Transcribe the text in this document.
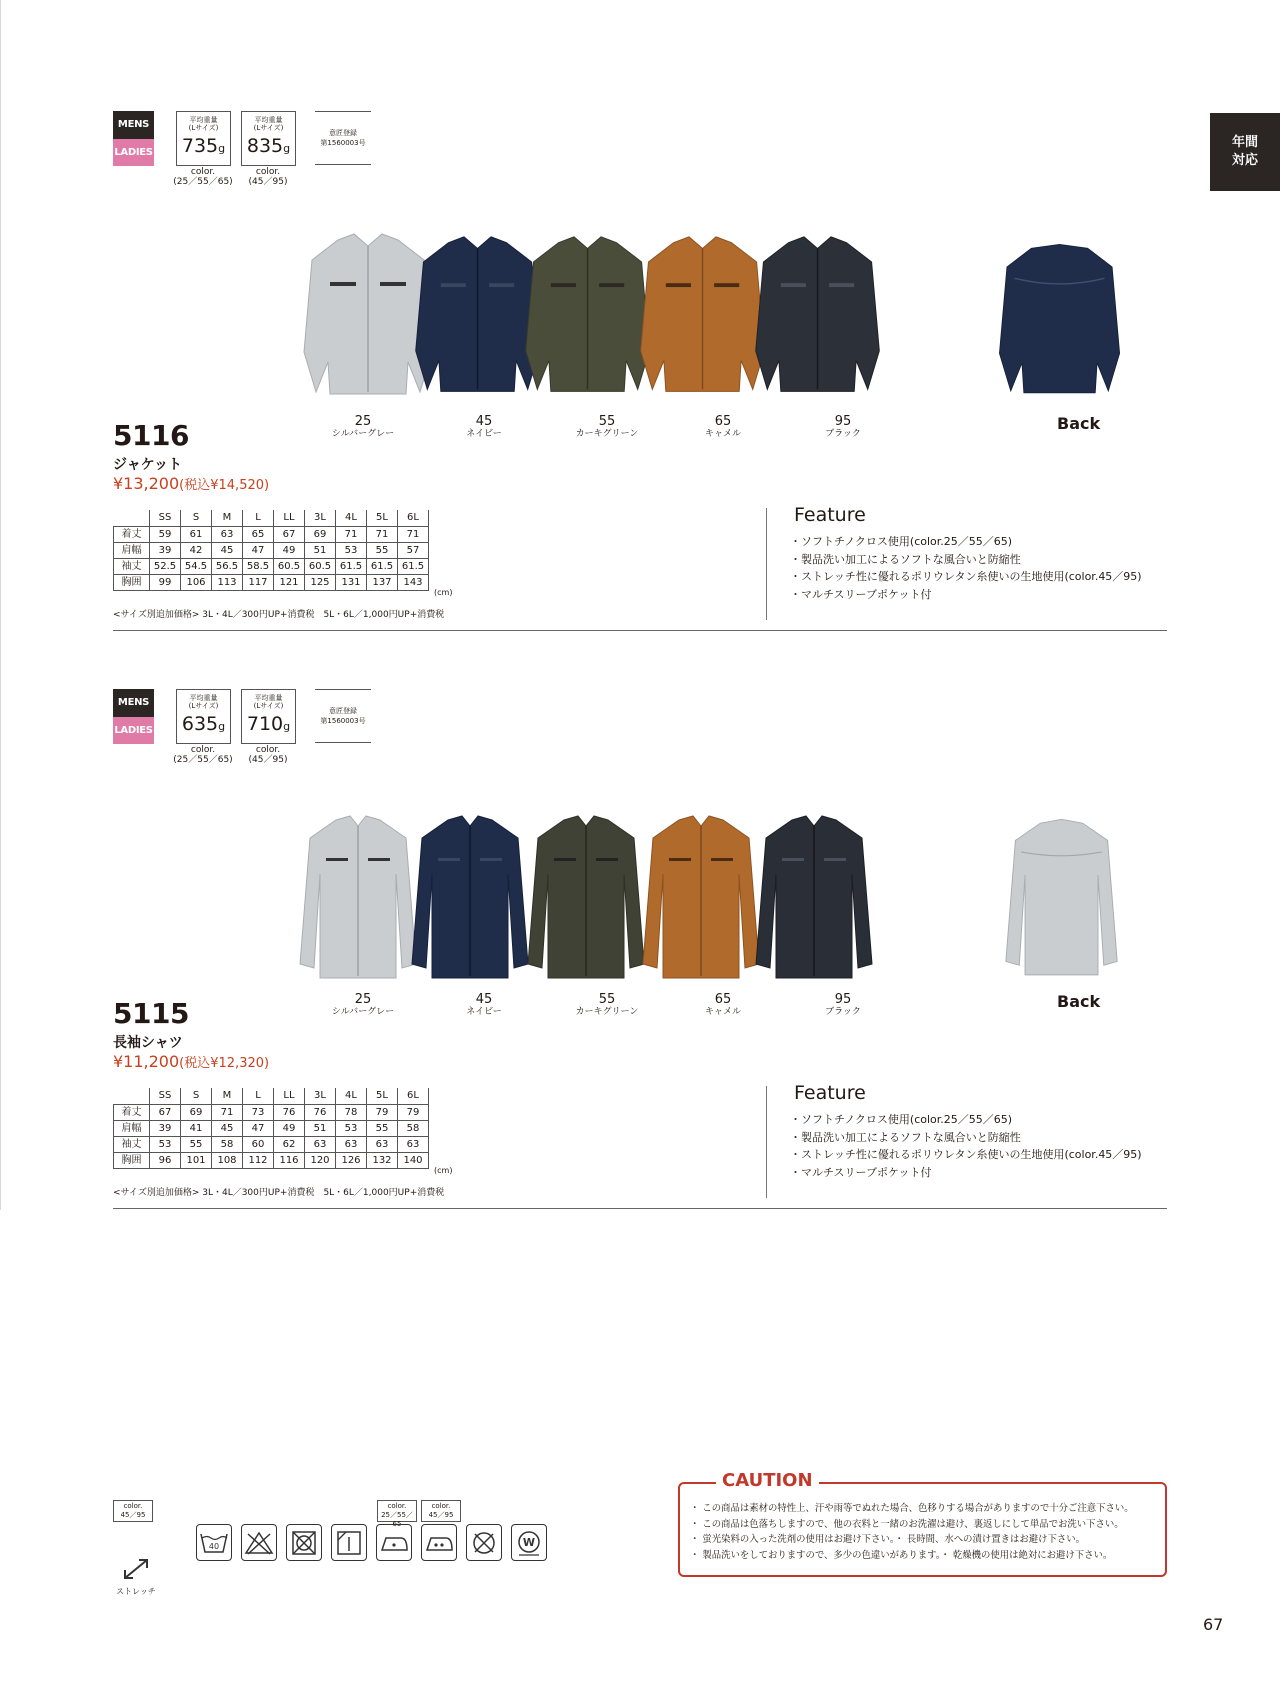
年間
対応
MENS
LADIES
平均重量
(Lサイズ)
735g
color.
(25／55／65)
平均重量
(Lサイズ)
835g
color.
(45／95)
意匠登録
第1560003号
25
シルバーグレー
45
ネイビー
55
カーキグリーン
65
キャメル
95
ブラック
Back
5116
ジャケット
¥13,200(税込¥14,520)
	SS	S	M	L	LL	3L	4L	5L	6L
着丈	59	61	63	65	67	69	71	71	71
肩幅	39	42	45	47	49	51	53	55	57
袖丈	52.5	54.5	56.5	58.5	60.5	60.5	61.5	61.5	61.5
胸囲	99	106	113	117	121	125	131	137	143
(cm)
<サイズ別追加価格> 3L・4L／300円UP+消費税　5L・6L／1,000円UP+消費税
Feature
・ソフトチノクロス使用(color.25／55／65)
・製品洗い加工によるソフトな風合いと防縮性
・ストレッチ性に優れるポリウレタン糸使いの生地使用(color.45／95)
・マルチスリーブポケット付
MENS
LADIES
平均重量
(Lサイズ)
635g
color.
(25／55／65)
平均重量
(Lサイズ)
710g
color.
(45／95)
意匠登録
第1560003号
25
シルバーグレー
45
ネイビー
55
カーキグリーン
65
キャメル
95
ブラック
Back
5115
長袖シャツ
¥11,200(税込¥12,320)
	SS	S	M	L	LL	3L	4L	5L	6L
着丈	67	69	71	73	76	76	78	79	79
肩幅	39	41	45	47	49	51	53	55	58
袖丈	53	55	58	60	62	63	63	63	63
胸囲	96	101	108	112	116	120	126	132	140
(cm)
<サイズ別追加価格> 3L・4L／300円UP+消費税　5L・6L／1,000円UP+消費税
Feature
・ソフトチノクロス使用(color.25／55／65)
・製品洗い加工によるソフトな風合いと防縮性
・ストレッチ性に優れるポリウレタン糸使いの生地使用(color.45／95)
・マルチスリーブポケット付
color.
45／95
ストレッチ
color.
25／55／65
color.
45／95
40	W
CAUTION
・ この商品は素材の特性上、汗や雨等でぬれた場合、色移りする場合がありますので十分ご注意下さい。
・ この商品は色落ちしますので、他の衣料と一緒のお洗濯は避け、裏返しにして単品でお洗い下さい。
・ 蛍光染料の入った洗剤の使用はお避け下さい。・ 長時間、水への漬け置きはお避け下さい。
・ 製品洗いをしておりますので、多少の色違いがあります。・ 乾燥機の使用は絶対にお避け下さい。
67
